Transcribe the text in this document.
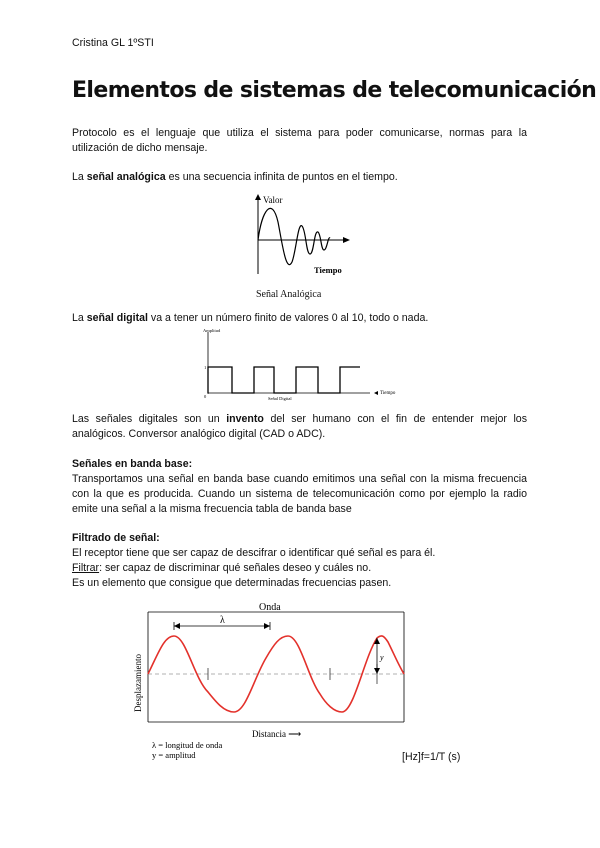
Cristina GL 1ºSTI
Elementos de sistemas de telecomunicación
Protocolo es el lenguaje que utiliza el sistema para poder comunicarse, normas para la utilización de dicho mensaje.
La señal analógica es una secuencia infinita de puntos en el tiempo.
Valor
Tiempo
Señal Analógica
La señal digital va a tener un número finito de valores 0 al 10, todo o nada.
Amplitud
1
0
Tiempo
Señal Digital
Las señales digitales son un invento del ser humano con el fin de entender mejor los analógicos. Conversor analógico digital (CAD o ADC).
Señales en banda base:
Transportamos una señal en banda base cuando emitimos una señal con la misma frecuencia con la que es producida. Cuando un sistema de telecomunicación como por ejemplo la radio emite una señal a la misma frecuencia tabla de banda base
Filtrado de señal:
El receptor tiene que ser capaz de descifrar o identificar qué señal es para él.
Filtrar: ser capaz de discriminar qué señales deseo y cuáles no.
Es un elemento que consigue que determinadas frecuencias pasen.
Onda
λ
y
Desplazamiento
Distancia ⟶
λ = longitud de onda
y = amplitud	[Hz]f=1/T (s)
